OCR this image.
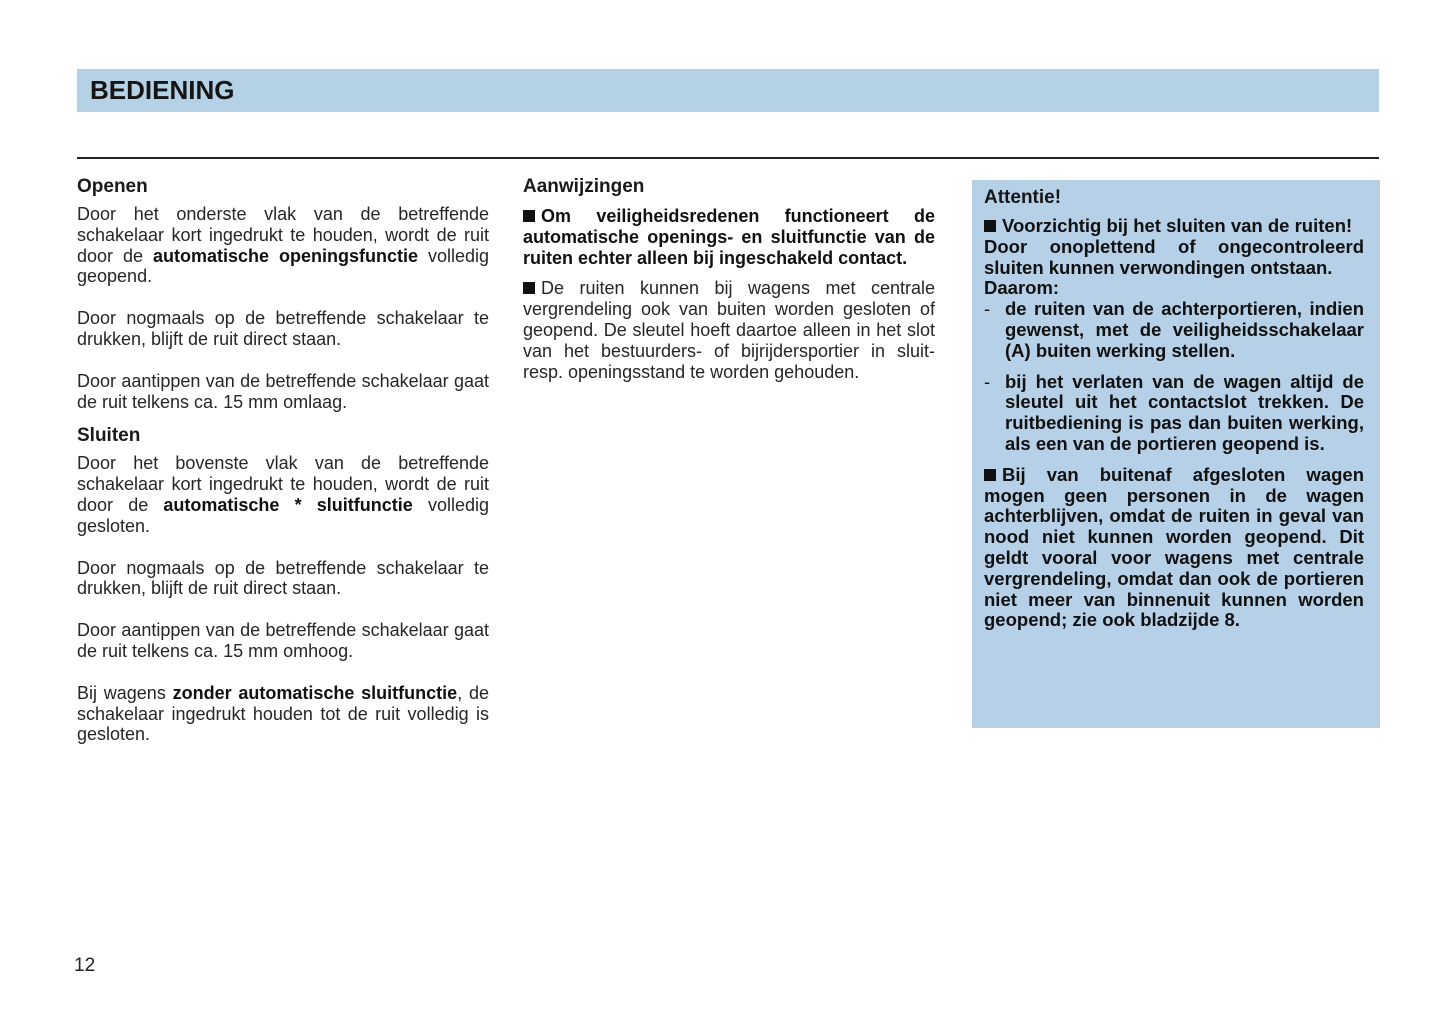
BEDIENING
Openen

Door het onderste vlak van de betreffende schakelaar kort ingedrukt te houden, wordt de ruit door de automatische openingsfunctie volledig geopend.

Door nogmaals op de betreffende schakelaar te drukken, blijft de ruit direct staan.

Door aantippen van de betreffende schakelaar gaat de ruit telkens ca. 15 mm omlaag.

Sluiten

Door het bovenste vlak van de betreffende schakelaar kort ingedrukt te houden, wordt de ruit door de automatische * sluitfunctie volledig gesloten.

Door nogmaals op de betreffende schakelaar te drukken, blijft de ruit direct staan.

Door aantippen van de betreffende schakelaar gaat de ruit telkens ca. 15 mm omhoog.

Bij wagens zonder automatische sluitfunctie, de schakelaar ingedrukt houden tot de ruit volledig is gesloten.

Aanwijzingen

Om veiligheidsredenen functioneert de automatische openings- en sluitfunctie van de ruiten echter alleen bij ingeschakeld contact.

De ruiten kunnen bij wagens met centrale vergrendeling ook van buiten worden gesloten of geopend. De sleutel hoeft daartoe alleen in het slot van het bestuurders- of bijrijdersportier in sluit- resp. openingsstand te worden gehouden.

Attentie!

Voorzichtig bij het sluiten van de ruiten!

Door onoplettend of ongecontroleerd sluiten kunnen verwondingen ontstaan.

Daarom:

- de ruiten van de achterportieren, indien gewenst, met de veiligheidsschakelaar (A) buiten werking stellen.
- bij het verlaten van de wagen altijd de sleutel uit het contactslot trekken. De ruitbediening is pas dan buiten werking, als een van de portieren geopend is.

Bij van buitenaf afgesloten wagen mogen geen personen in de wagen achterblijven, omdat de ruiten in geval van nood niet kunnen worden geopend. Dit geldt vooral voor wagens met centrale vergrendeling, omdat dan ook de portieren niet meer van binnenuit kunnen worden geopend; zie ook bladzijde 8.

12
